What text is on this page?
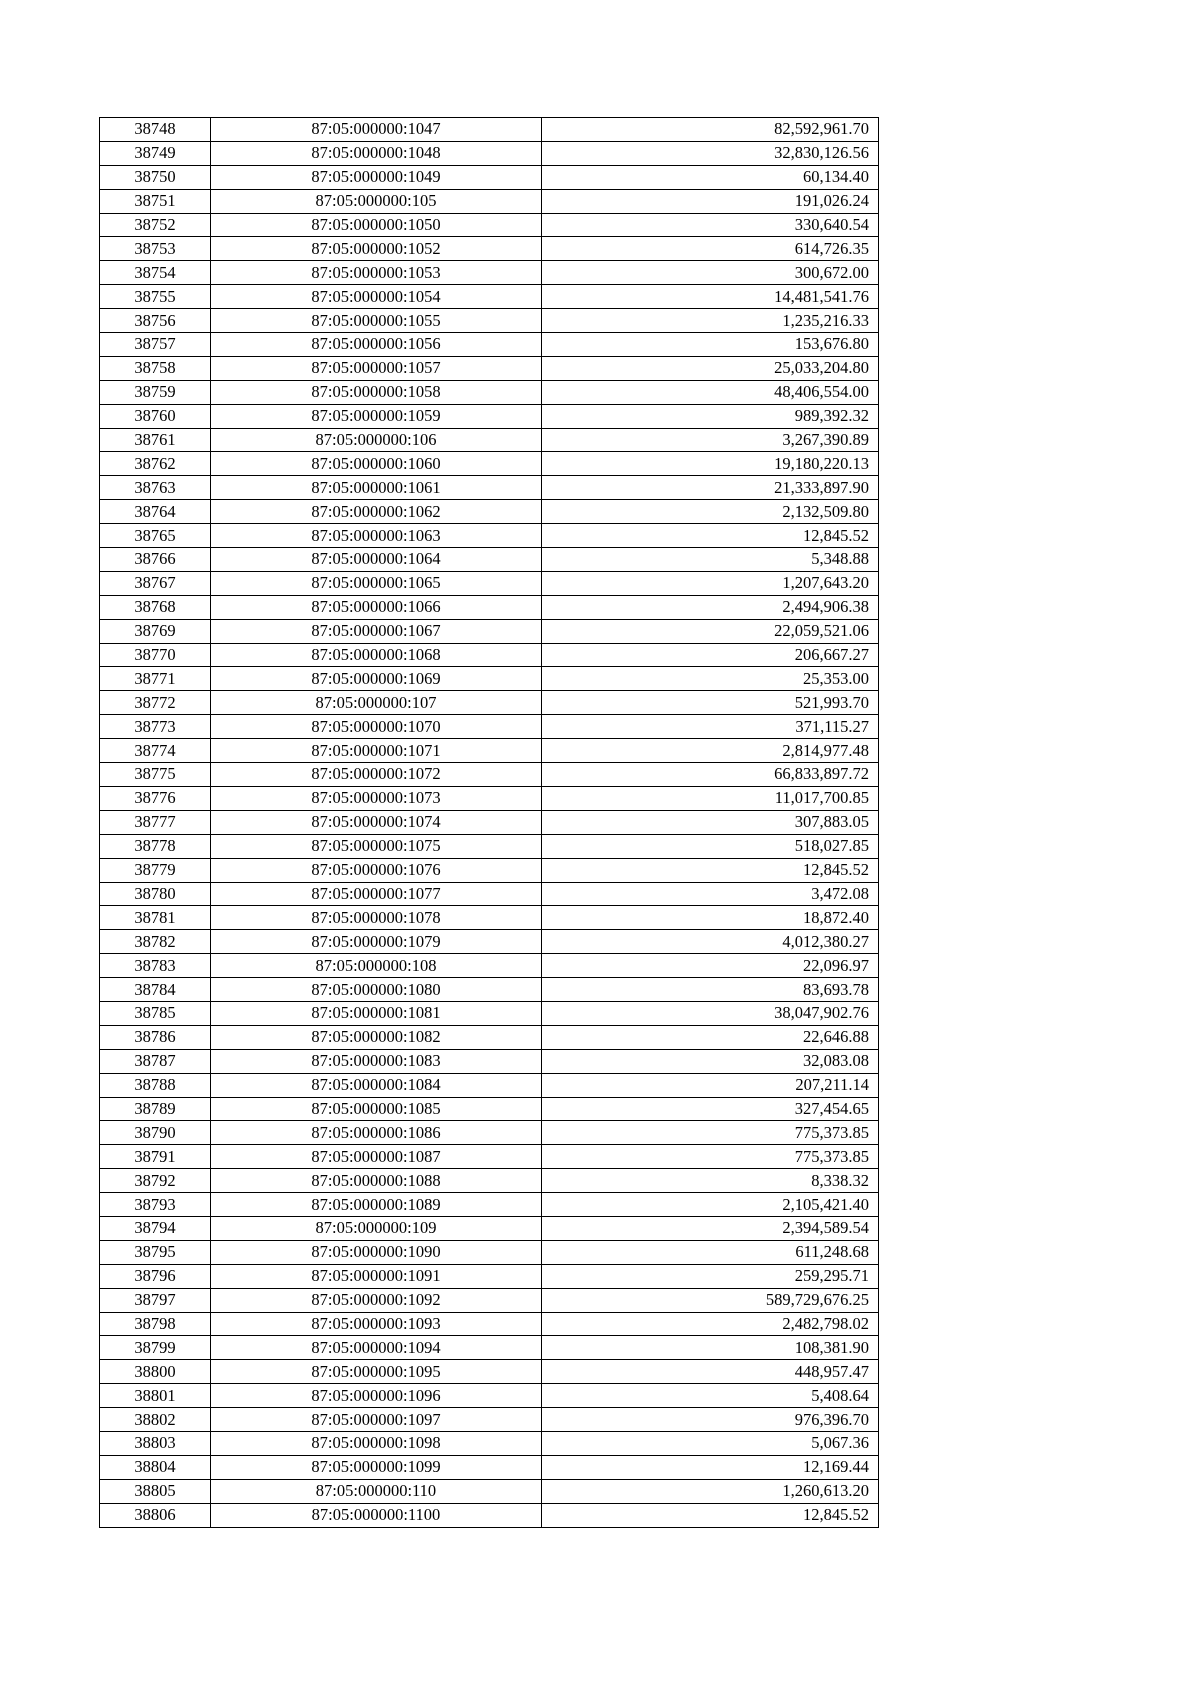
38748	87:05:000000:1047	82,592,961.70
38749	87:05:000000:1048	32,830,126.56
38750	87:05:000000:1049	60,134.40
38751	87:05:000000:105	191,026.24
38752	87:05:000000:1050	330,640.54
38753	87:05:000000:1052	614,726.35
38754	87:05:000000:1053	300,672.00
38755	87:05:000000:1054	14,481,541.76
38756	87:05:000000:1055	1,235,216.33
38757	87:05:000000:1056	153,676.80
38758	87:05:000000:1057	25,033,204.80
38759	87:05:000000:1058	48,406,554.00
38760	87:05:000000:1059	989,392.32
38761	87:05:000000:106	3,267,390.89
38762	87:05:000000:1060	19,180,220.13
38763	87:05:000000:1061	21,333,897.90
38764	87:05:000000:1062	2,132,509.80
38765	87:05:000000:1063	12,845.52
38766	87:05:000000:1064	5,348.88
38767	87:05:000000:1065	1,207,643.20
38768	87:05:000000:1066	2,494,906.38
38769	87:05:000000:1067	22,059,521.06
38770	87:05:000000:1068	206,667.27
38771	87:05:000000:1069	25,353.00
38772	87:05:000000:107	521,993.70
38773	87:05:000000:1070	371,115.27
38774	87:05:000000:1071	2,814,977.48
38775	87:05:000000:1072	66,833,897.72
38776	87:05:000000:1073	11,017,700.85
38777	87:05:000000:1074	307,883.05
38778	87:05:000000:1075	518,027.85
38779	87:05:000000:1076	12,845.52
38780	87:05:000000:1077	3,472.08
38781	87:05:000000:1078	18,872.40
38782	87:05:000000:1079	4,012,380.27
38783	87:05:000000:108	22,096.97
38784	87:05:000000:1080	83,693.78
38785	87:05:000000:1081	38,047,902.76
38786	87:05:000000:1082	22,646.88
38787	87:05:000000:1083	32,083.08
38788	87:05:000000:1084	207,211.14
38789	87:05:000000:1085	327,454.65
38790	87:05:000000:1086	775,373.85
38791	87:05:000000:1087	775,373.85
38792	87:05:000000:1088	8,338.32
38793	87:05:000000:1089	2,105,421.40
38794	87:05:000000:109	2,394,589.54
38795	87:05:000000:1090	611,248.68
38796	87:05:000000:1091	259,295.71
38797	87:05:000000:1092	589,729,676.25
38798	87:05:000000:1093	2,482,798.02
38799	87:05:000000:1094	108,381.90
38800	87:05:000000:1095	448,957.47
38801	87:05:000000:1096	5,408.64
38802	87:05:000000:1097	976,396.70
38803	87:05:000000:1098	5,067.36
38804	87:05:000000:1099	12,169.44
38805	87:05:000000:110	1,260,613.20
38806	87:05:000000:1100	12,845.52
